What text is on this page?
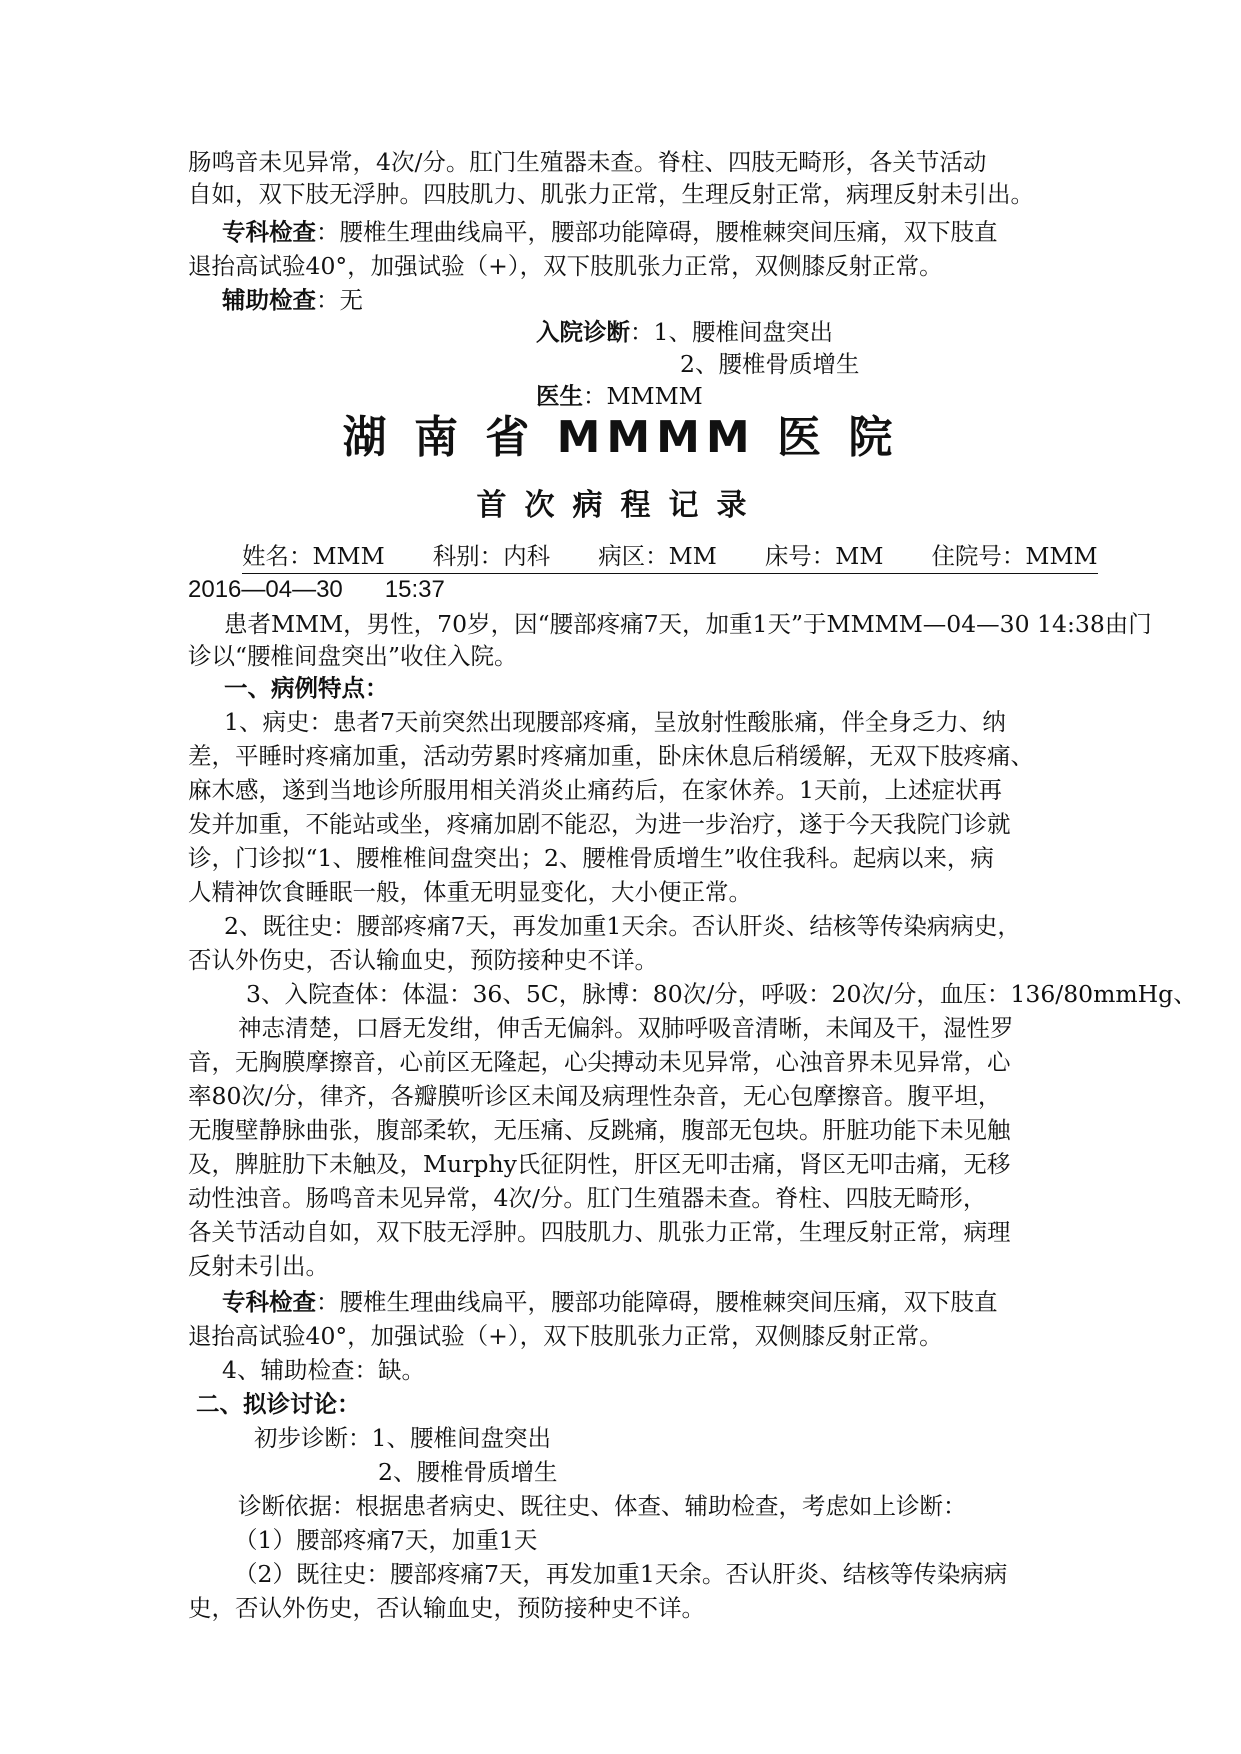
肠鸣音未见异常，4次/分。肛门生殖器未查。脊柱、四肢无畸形，各关节活动
自如，双下肢无浮肿。四肢肌力、肌张力正常，生理反射正常，病理反射未引出。
专科检查：腰椎生理曲线扁平，腰部功能障碍，腰椎棘突间压痛，双下肢直
退抬高试验40°，加强试验（+），双下肢肌张力正常，双侧膝反射正常。
辅助检查：无
入院诊断：1、腰椎间盘突出
2、腰椎骨质增生
医生：MMMM
湖 南 省 MMMM 医 院
首次病程记录
姓名：MMM 科别：内科 病区：MM 床号：MM 住院号：MMM
2016—04—30 15:37
患者MMM，男性，70岁，因“腰部疼痛7天，加重1天”于MMMM—04—30 14:38由门
诊以“腰椎间盘突出”收住入院。
一、病例特点：
1、病史：患者7天前突然出现腰部疼痛，呈放射性酸胀痛，伴全身乏力、纳
差，平睡时疼痛加重，活动劳累时疼痛加重，卧床休息后稍缓解，无双下肢疼痛、
麻木感，遂到当地诊所服用相关消炎止痛药后，在家休养。1天前，上述症状再
发并加重，不能站或坐，疼痛加剧不能忍，为进一步治疗，遂于今天我院门诊就
诊，门诊拟“1、腰椎椎间盘突出；2、腰椎骨质增生”收住我科。起病以来，病
人精神饮食睡眠一般，体重无明显变化，大小便正常。
2、既往史：腰部疼痛7天，再发加重1天余。否认肝炎、结核等传染病病史，
否认外伤史，否认输血史，预防接种史不详。
3、入院查体：体温：36、5C，脉博：80次/分，呼吸：20次/分，血压：136/80mmHg、
神志清楚，口唇无发绀，伸舌无偏斜。双肺呼吸音清晰，未闻及干，湿性罗
音，无胸膜摩擦音，心前区无隆起，心尖搏动未见异常，心浊音界未见异常，心
率80次/分，律齐，各瓣膜听诊区未闻及病理性杂音，无心包摩擦音。腹平坦，
无腹壁静脉曲张，腹部柔软，无压痛、反跳痛，腹部无包块。肝脏功能下未见触
及，脾脏肋下未触及，Murphy氏征阴性，肝区无叩击痛，肾区无叩击痛，无移
动性浊音。肠鸣音未见异常，4次/分。肛门生殖器未查。脊柱、四肢无畸形，
各关节活动自如，双下肢无浮肿。四肢肌力、肌张力正常，生理反射正常，病理
反射未引出。
专科检查：腰椎生理曲线扁平，腰部功能障碍，腰椎棘突间压痛，双下肢直
退抬高试验40°，加强试验（+），双下肢肌张力正常，双侧膝反射正常。
4、辅助检查：缺。
二、拟诊讨论：
初步诊断：1、腰椎间盘突出
2、腰椎骨质增生
诊断依据：根据患者病史、既往史、体查、辅助检查，考虑如上诊断：
（1）腰部疼痛7天，加重1天
（2）既往史：腰部疼痛7天，再发加重1天余。否认肝炎、结核等传染病病
史，否认外伤史，否认输血史，预防接种史不详。
